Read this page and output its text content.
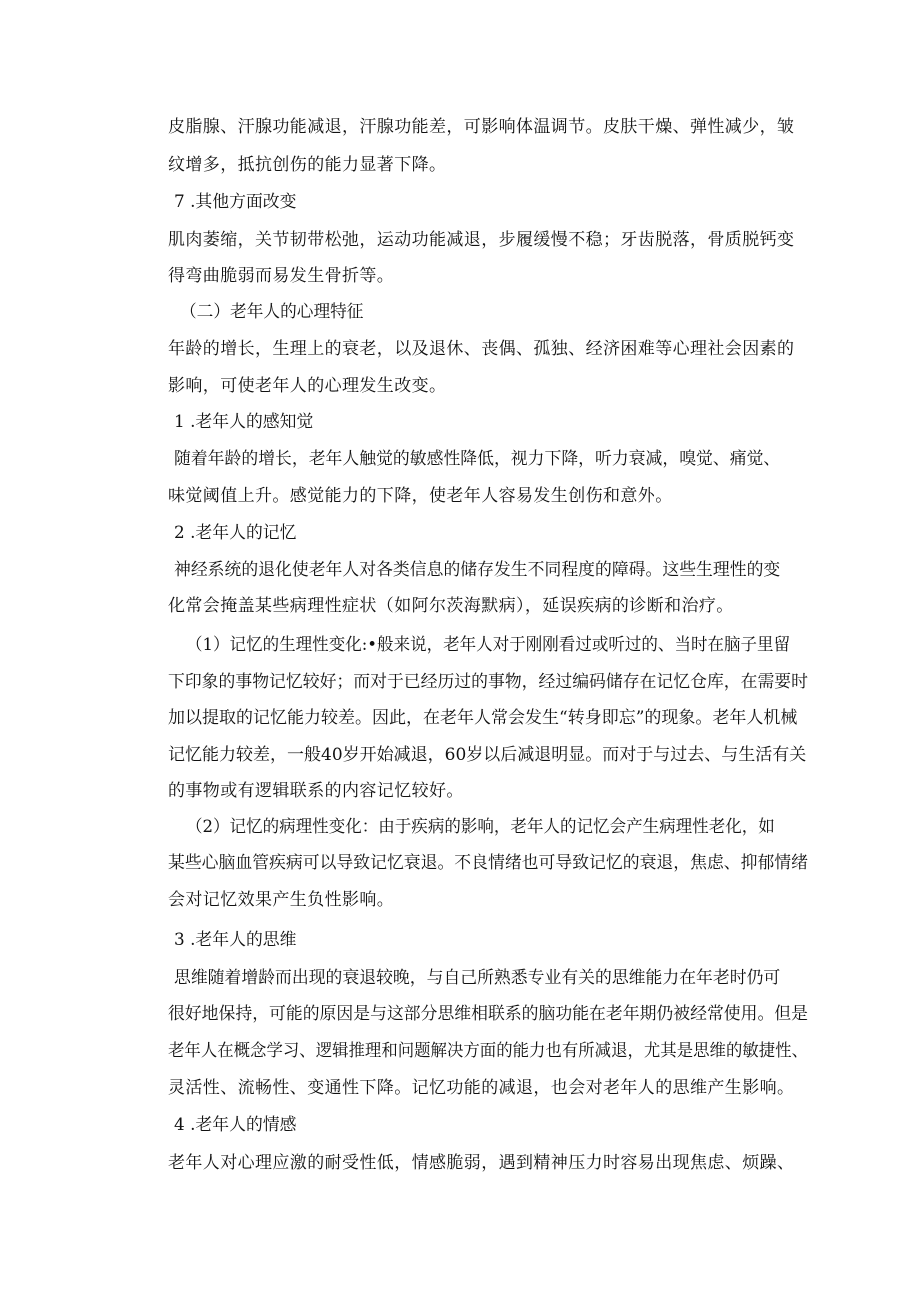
皮脂腺、汗腺功能减退，汗腺功能差，可影响体温调节。皮肤干燥、弹性减少，皱
纹增多，抵抗创伤的能力显著下降。
7 .其他方面改变
肌肉萎缩，关节韧带松弛，运动功能减退，步履缓慢不稳；牙齿脱落，骨质脱钙变
得弯曲脆弱而易发生骨折等。
（二）老年人的心理特征
年龄的增长，生理上的衰老，以及退休、丧偶、孤独、经济困难等心理社会因素的
影响，可使老年人的心理发生改变。
1 .老年人的感知觉
随着年龄的增长，老年人触觉的敏感性降低，视力下降，听力衰减，嗅觉、痛觉、
味觉阈值上升。感觉能力的下降，使老年人容易发生创伤和意外。
2 .老年人的记忆
神经系统的退化使老年人对各类信息的储存发生不同程度的障碍。这些生理性的变
化常会掩盖某些病理性症状（如阿尔茨海默病），延误疾病的诊断和治疗。
（1）记忆的生理性变化:•般来说，老年人对于刚刚看过或听过的、当时在脑子里留
下印象的事物记忆较好；而对于已经历过的事物，经过编码储存在记忆仓库，在需要时
加以提取的记忆能力较差。因此，在老年人常会发生“转身即忘”的现象。老年人机械
记忆能力较差，一般40岁开始减退，60岁以后减退明显。而对于与过去、与生活有关
的事物或有逻辑联系的内容记忆较好。
（2）记忆的病理性变化：由于疾病的影响，老年人的记忆会产生病理性老化，如
某些心脑血管疾病可以导致记忆衰退。不良情绪也可导致记忆的衰退，焦虑、抑郁情绪
会对记忆效果产生负性影响。
3 .老年人的思维
思维随着增龄而出现的衰退较晚，与自己所熟悉专业有关的思维能力在年老时仍可
很好地保持，可能的原因是与这部分思维相联系的脑功能在老年期仍被经常使用。但是
老年人在概念学习、逻辑推理和问题解决方面的能力也有所减退，尤其是思维的敏捷性、
灵活性、流畅性、变通性下降。记忆功能的减退，也会对老年人的思维产生影响。
4 .老年人的情感
老年人对心理应激的耐受性低，情感脆弱，遇到精神压力时容易出现焦虑、烦躁、
